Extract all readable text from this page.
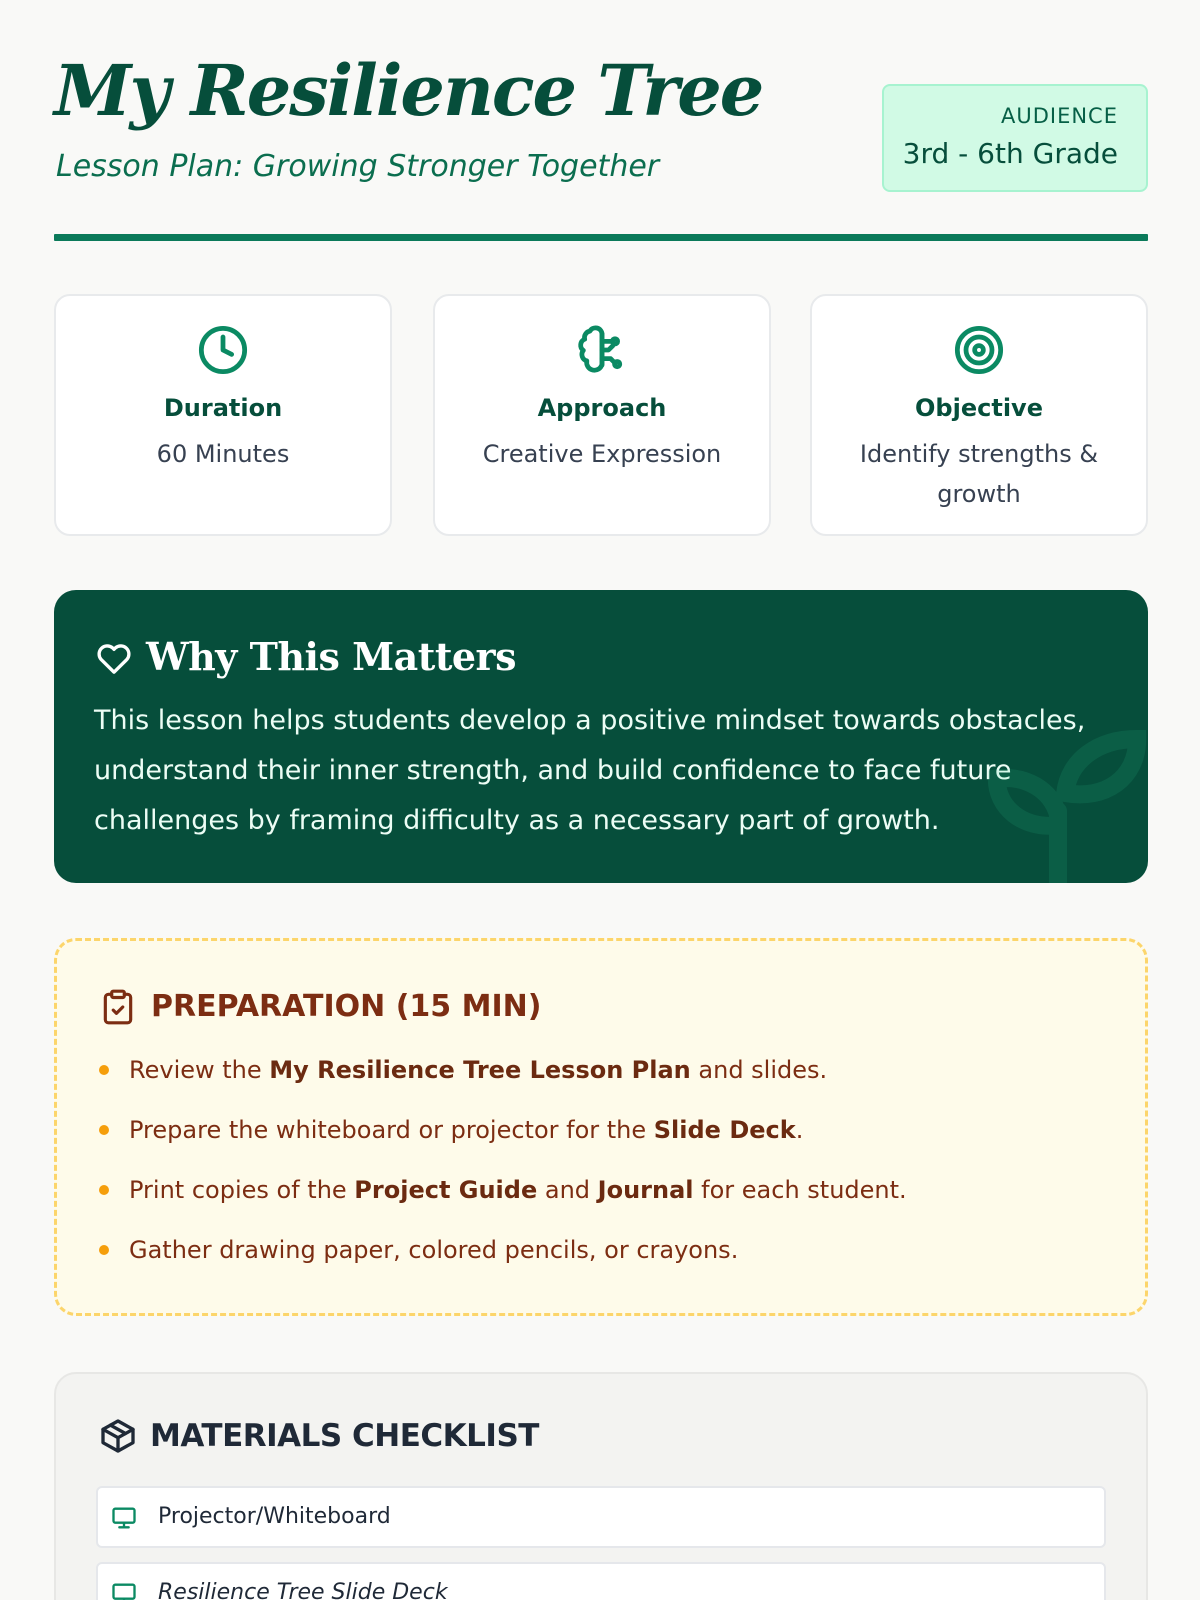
My Resilience Tree
Lesson Plan: Growing Stronger Together
AUDIENCE
3rd - 6th Grade
Duration
60 Minutes
Approach
Creative Expression
Objective
Identify strengths & growth
Why This Matters

This lesson helps students develop a positive mindset towards obstacles, understand their inner strength, and build confidence to face future challenges by framing difficulty as a necessary part of growth.

PREPARATION (15 MIN)
Review the My Resilience Tree Lesson Plan and slides.
Prepare the whiteboard or projector for the Slide Deck.
Print copies of the Project Guide and Journal for each student.
Gather drawing paper, colored pencils, or crayons.
MATERIALS CHECKLIST
Projector/Whiteboard
Resilience Tree Slide Deck
